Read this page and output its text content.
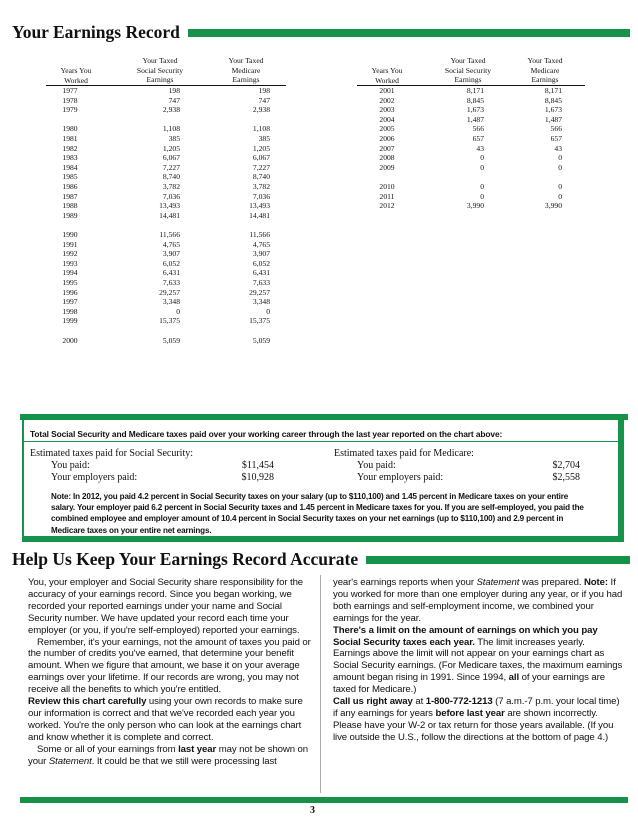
Your Earnings Record
Years You
Worked
Your Taxed
Social Security
Earnings
Your Taxed
Medicare
Earnings
Years You
Worked
Your Taxed
Social Security
Earnings
Your Taxed
Medicare
Earnings
1977	198	198
1978	747	747
1979	2,938	2,938
1980	1,108	1,108
1981	385	385
1982	1,205	1,205
1983	6,067	6,067
1984	7,227	7,227
1985	8,740	8,740
1986	3,782	3,782
1987	7,036	7,036
1988	13,493	13,493
1989	14,481	14,481
1990	11,566	11,566
1991	4,765	4,765
1992	3,907	3,907
1993	6,052	6,052
1994	6,431	6,431
1995	7,633	7,633
1996	29,257	29,257
1997	3,348	3,348
1998	0	0
1999	15,375	15,375
2000	5,059	5,059
2001	8,171	8,171
2002	8,845	8,845
2003	1,673	1,673
2004	1,487	1,487
2005	566	566
2006	657	657
2007	43	43
2008	0	0
2009	0	0
2010	0	0
2011	0	0
2012	3,990	3,990
Total Social Security and Medicare taxes paid over your working career through the last year reported on the chart above:
Estimated taxes paid for Social Security:
You paid:	$11,454
Your employers paid:	$10,928
Estimated taxes paid for Medicare:
You paid:	$2,704
Your employers paid:	$2,558
Note: In 2012, you paid 4.2 percent in Social Security taxes on your salary (up to $110,100) and 1.45 percent in Medicare taxes on your entire salary. Your employer paid 6.2 percent in Social Security taxes and 1.45 percent in Medicare taxes for you. If you are self-employed, you paid the combined employee and employer amount of 10.4 percent in Social Security taxes on your net earnings (up to $110,100) and 2.9 percent in Medicare taxes on your entire net earnings.
Help Us Keep Your Earnings Record Accurate

You, your employer and Social Security share responsibility for the accuracy of your earnings record. Since you began working, we recorded your reported earnings under your name and Social Security number. We have updated your record each time your employer (or you, if you're self-employed) reported your earnings.

Remember, it's your earnings, not the amount of taxes you paid or the number of credits you've earned, that determine your benefit amount. When we figure that amount, we base it on your average earnings over your lifetime. If our records are wrong, you may not receive all the benefits to which you're entitled.

Review this chart carefully using your own records to make sure our information is correct and that we've recorded each year you worked. You're the only person who can look at the earnings chart and know whether it is complete and correct.

Some or all of your earnings from last year may not be shown on your Statement. It could be that we still were processing last

year's earnings reports when your Statement was prepared. Note: If you worked for more than one employer during any year, or if you had both earnings and self-employment income, we combined your earnings for the year.

There's a limit on the amount of earnings on which you pay Social Security taxes each year. The limit increases yearly. Earnings above the limit will not appear on your earnings chart as Social Security earnings. (For Medicare taxes, the maximum earnings amount began rising in 1991. Since 1994, all of your earnings are taxed for Medicare.)

Call us right away at 1-800-772-1213 (7 a.m.-7 p.m. your local time) if any earnings for years before last year are shown incorrectly. Please have your W-2 or tax return for those years available. (If you live outside the U.S., follow the directions at the bottom of page 4.)

3
